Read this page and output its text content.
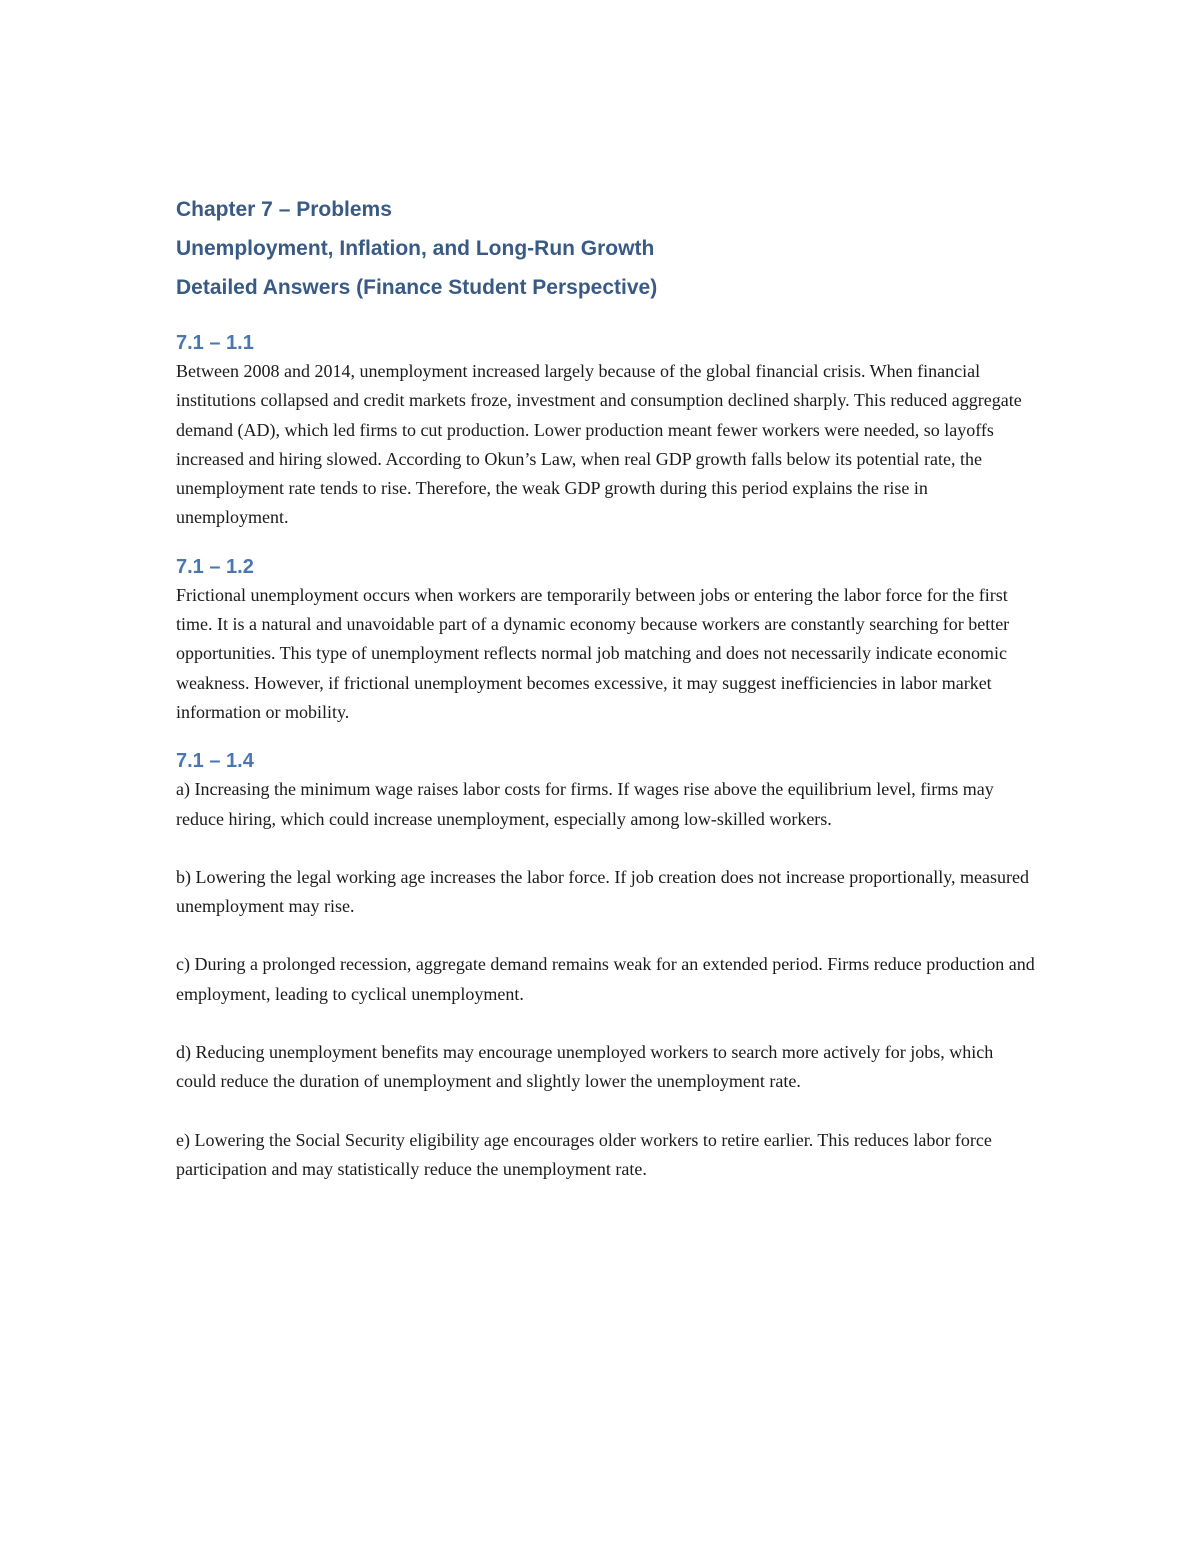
Chapter 7 – Problems

Unemployment, Inflation, and Long-Run Growth

Detailed Answers (Finance Student Perspective)

7.1 – 1.1

Between 2008 and 2014, unemployment increased largely because of the global financial crisis. When financial institutions collapsed and credit markets froze, investment and consumption declined sharply. This reduced aggregate demand (AD), which led firms to cut production. Lower production meant fewer workers were needed, so layoffs increased and hiring slowed. According to Okun’s Law, when real GDP growth falls below its potential rate, the unemployment rate tends to rise. Therefore, the weak GDP growth during this period explains the rise in unemployment.

7.1 – 1.2

Frictional unemployment occurs when workers are temporarily between jobs or entering the labor force for the first time. It is a natural and unavoidable part of a dynamic economy because workers are constantly searching for better opportunities. This type of unemployment reflects normal job matching and does not necessarily indicate economic weakness. However, if frictional unemployment becomes excessive, it may suggest inefficiencies in labor market information or mobility.

7.1 – 1.4

a) Increasing the minimum wage raises labor costs for firms. If wages rise above the equilibrium level, firms may reduce hiring, which could increase unemployment, especially among low-skilled workers.

b) Lowering the legal working age increases the labor force. If job creation does not increase proportionally, measured unemployment may rise.

c) During a prolonged recession, aggregate demand remains weak for an extended period. Firms reduce production and employment, leading to cyclical unemployment.

d) Reducing unemployment benefits may encourage unemployed workers to search more actively for jobs, which could reduce the duration of unemployment and slightly lower the unemployment rate.

e) Lowering the Social Security eligibility age encourages older workers to retire earlier. This reduces labor force participation and may statistically reduce the unemployment rate.
